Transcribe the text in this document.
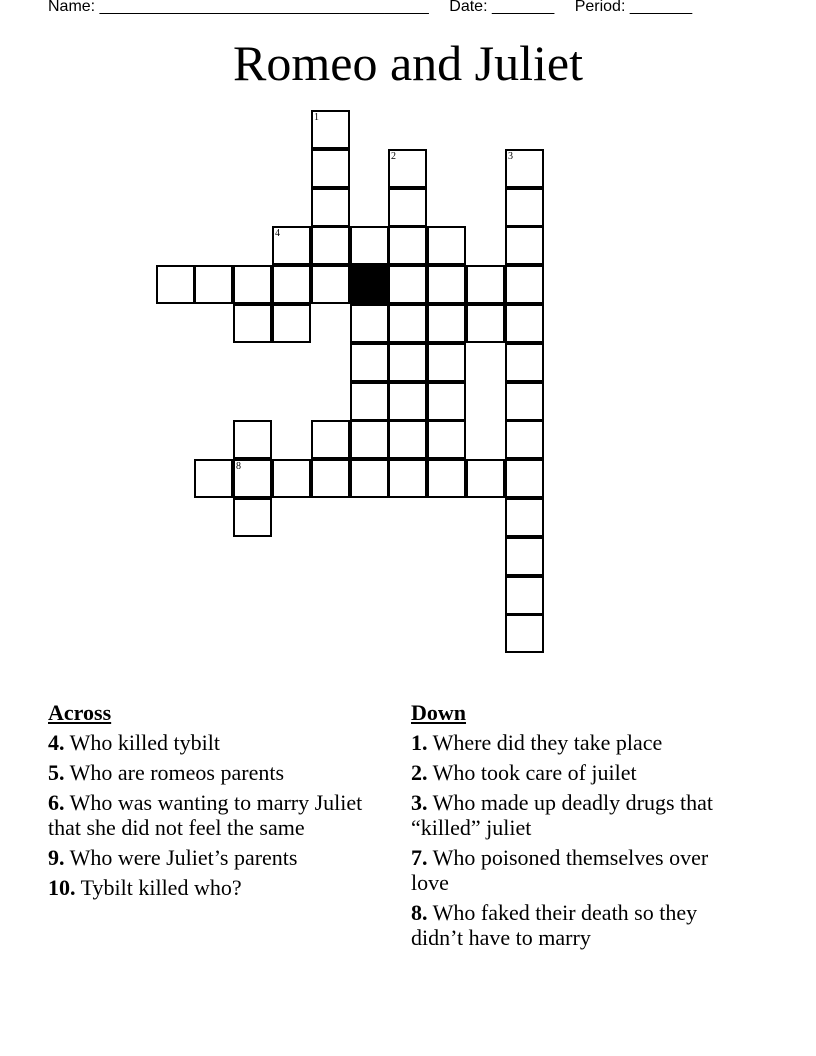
Name: _____________________________________ Date: _______ Period: _______
Romeo and Juliet
1
2
4
8
3
Across
4. Who killed tybilt
5. Who are romeos parents
6. Who was wanting to marry Juliet that she did not feel the same
9. Who were Juliet’s parents
10. Tybilt killed who?
Down
1. Where did they take place
2. Who took care of juilet
3. Who made up deadly drugs that “killed” juliet
7. Who poisoned themselves over love
8. Who faked their death so they didn’t have to marry
